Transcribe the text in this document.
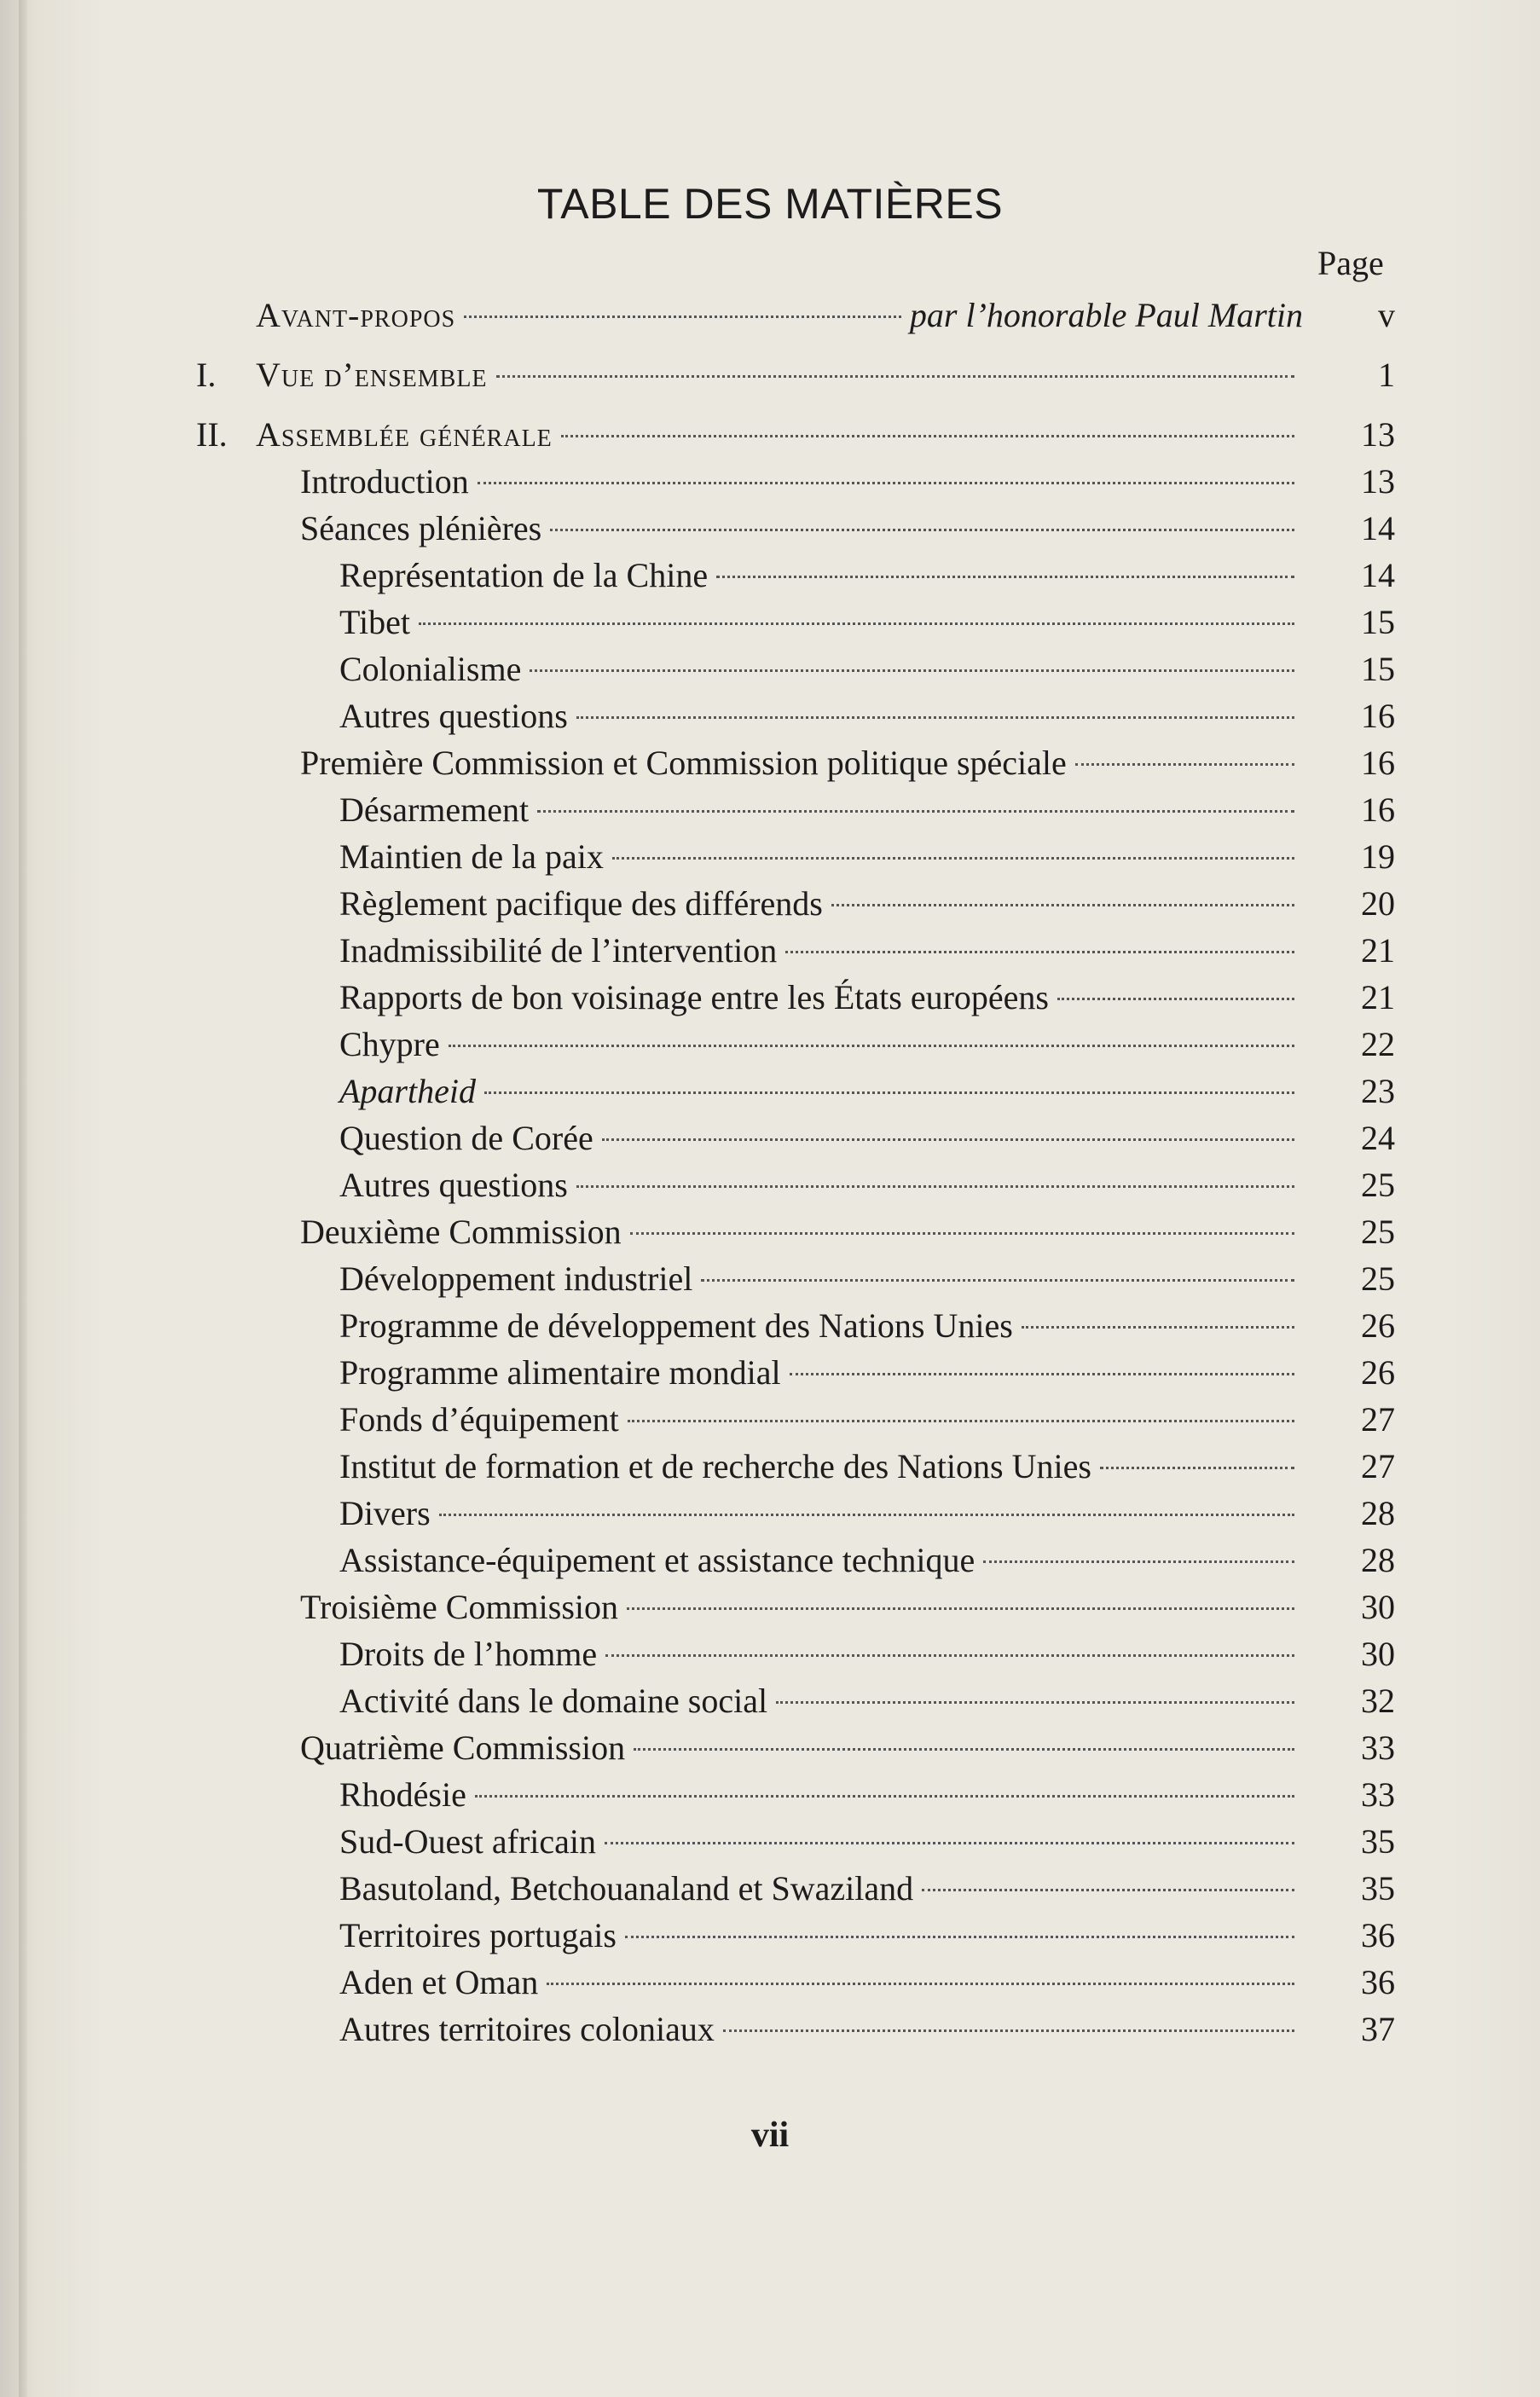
TABLE DES MATIÈRES
Page
Avant-propos	par l’honorable Paul Martin	v
I. Vue d’ensemble	1
II. Assemblée générale	13
Introduction	13
Séances plénières	14
Représentation de la Chine	14
Tibet	15
Colonialisme	15
Autres questions	16
Première Commission et Commission politique spéciale	16
Désarmement	16
Maintien de la paix	19
Règlement pacifique des différends	20
Inadmissibilité de l’intervention	21
Rapports de bon voisinage entre les États européens	21
Chypre	22
Apartheid	23
Question de Corée	24
Autres questions	25
Deuxième Commission	25
Développement industriel	25
Programme de développement des Nations Unies	26
Programme alimentaire mondial	26
Fonds d’équipement	27
Institut de formation et de recherche des Nations Unies	27
Divers	28
Assistance-équipement et assistance technique	28
Troisième Commission	30
Droits de l’homme	30
Activité dans le domaine social	32
Quatrième Commission	33
Rhodésie	33
Sud-Ouest africain	35
Basutoland, Betchouanaland et Swaziland	35
Territoires portugais	36
Aden et Oman	36
Autres territoires coloniaux	37
vii
